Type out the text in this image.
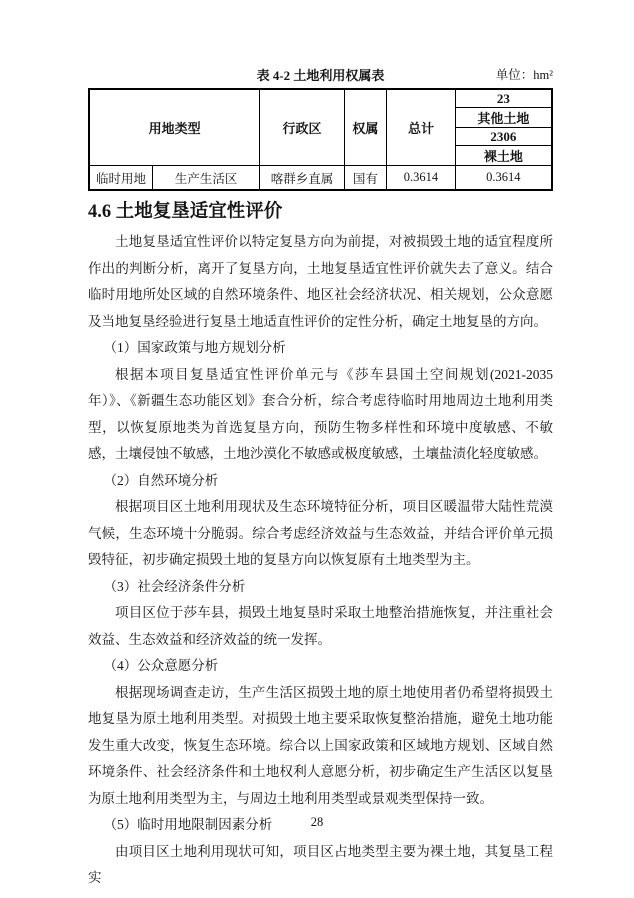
表 4-2 土地利用权属表	单位：hm²
用地类型		行政区	权属	总计	23
					其他土地
					2306
					裸土地
临时用地	生产生活区	喀群乡直属	国有	0.3614	0.3614
4.6 土地复垦适宜性评价

土地复垦适宜性评价以特定复垦方向为前提，对被损毁土地的适宜程度所作出的判断分析，离开了复垦方向，土地复垦适宜性评价就失去了意义。结合临时用地所处区域的自然环境条件、地区社会经济状况、相关规划，公众意愿及当地复垦经验进行复垦土地适直性评价的定性分析，确定土地复垦的方向。

（1）国家政策与地方规划分析

根据本项目复垦适宜性评价单元与《莎车县国土空间规划(2021-2035 年）》、《新疆生态功能区划》套合分析，综合考虑待临时用地周边土地利用类型，以恢复原地类为首选复垦方向，预防生物多样性和环境中度敏感、不敏感，土壤侵蚀不敏感，土地沙漠化不敏感或极度敏感，土壤盐渍化轻度敏感。

（2）自然环境分析

根据项目区土地利用现状及生态环境特征分析，项目区暖温带大陆性荒漠气候，生态环境十分脆弱。综合考虑经济效益与生态效益，并结合评价单元损毁特征，初步确定损毁土地的复垦方向以恢复原有土地类型为主。

（3）社会经济条件分析

项目区位于莎车县，损毁土地复垦时采取土地整治措施恢复，并注重社会效益、生态效益和经济效益的统一发挥。

（4）公众意愿分析

根据现场调查走访，生产生活区损毁土地的原土地使用者仍希望将损毁土地复垦为原土地利用类型。对损毁土地主要采取恢复整治措施，避免土地功能发生重大改变，恢复生态环境。综合以上国家政策和区域地方规划、区域自然环境条件、社会经济条件和土地权利人意愿分析，初步确定生产生活区以复垦为原土地利用类型为主，与周边土地利用类型或景观类型保持一致。

（5）临时用地限制因素分析

由项目区土地利用现状可知，项目区占地类型主要为裸土地，其复垦工程实

28
